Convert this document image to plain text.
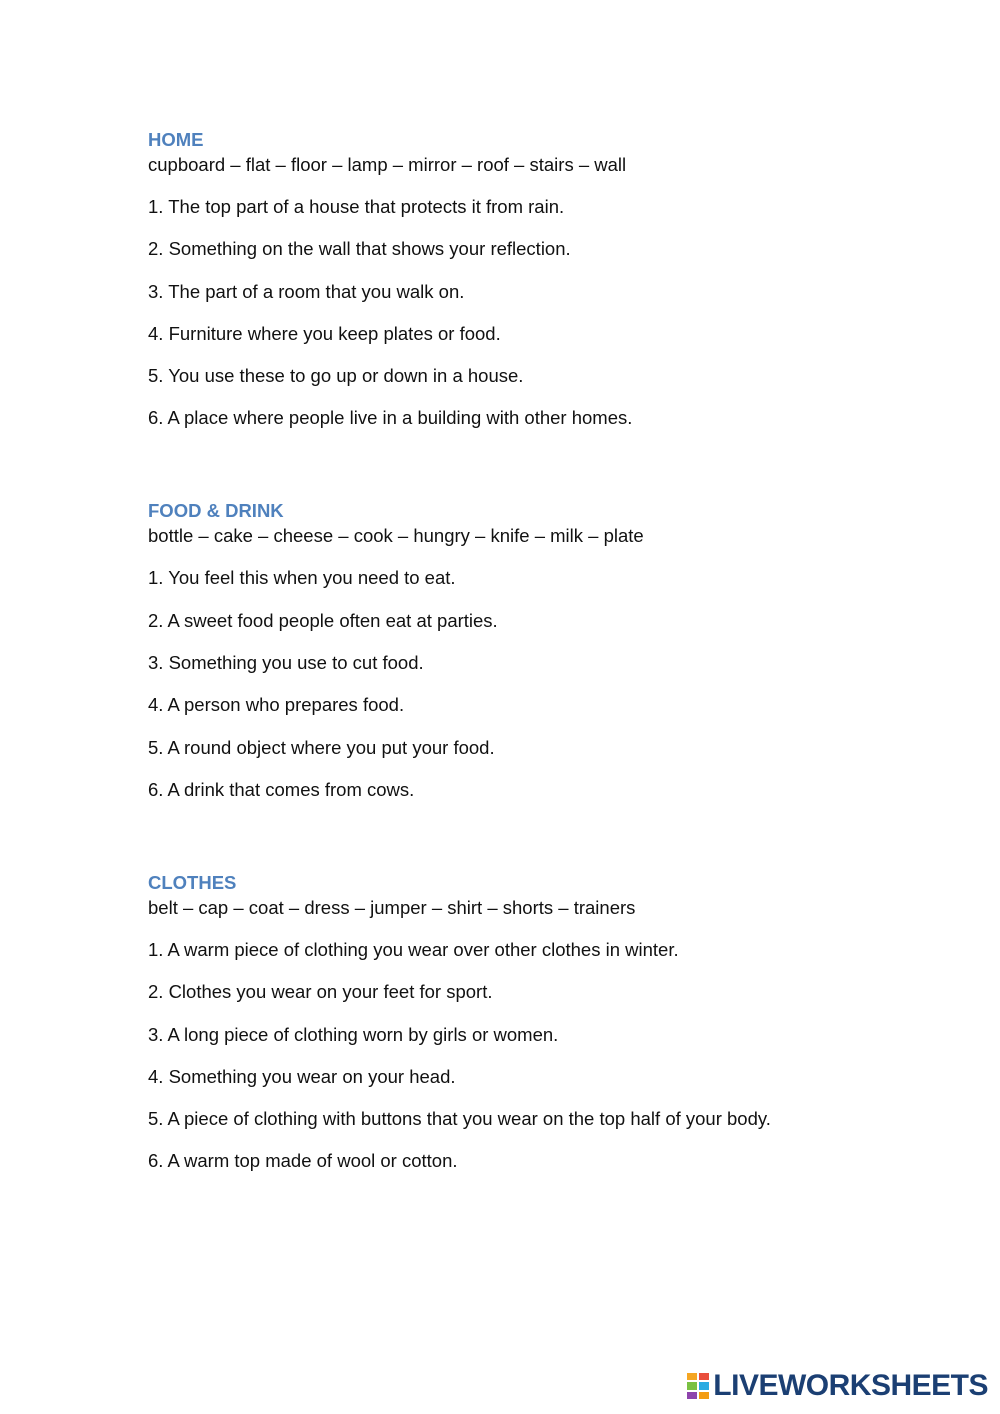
HOME

cupboard – flat – floor – lamp – mirror – roof – stairs – wall

1. The top part of a house that protects it from rain.
2. Something on the wall that shows your reflection.
3. The part of a room that you walk on.
4. Furniture where you keep plates or food.
5. You use these to go up or down in a house.
6. A place where people live in a building with other homes.
FOOD & DRINK

bottle – cake – cheese – cook – hungry – knife – milk – plate

1. You feel this when you need to eat.
2. A sweet food people often eat at parties.
3. Something you use to cut food.
4. A person who prepares food.
5. A round object where you put your food.
6. A drink that comes from cows.
CLOTHES

belt – cap – coat – dress – jumper – shirt – shorts – trainers

1. A warm piece of clothing you wear over other clothes in winter.
2. Clothes you wear on your feet for sport.
3. A long piece of clothing worn by girls or women.
4. Something you wear on your head.
5. A piece of clothing with buttons that you wear on the top half of your body.
6. A warm top made of wool or cotton.
LIVEWORKSHEETS
